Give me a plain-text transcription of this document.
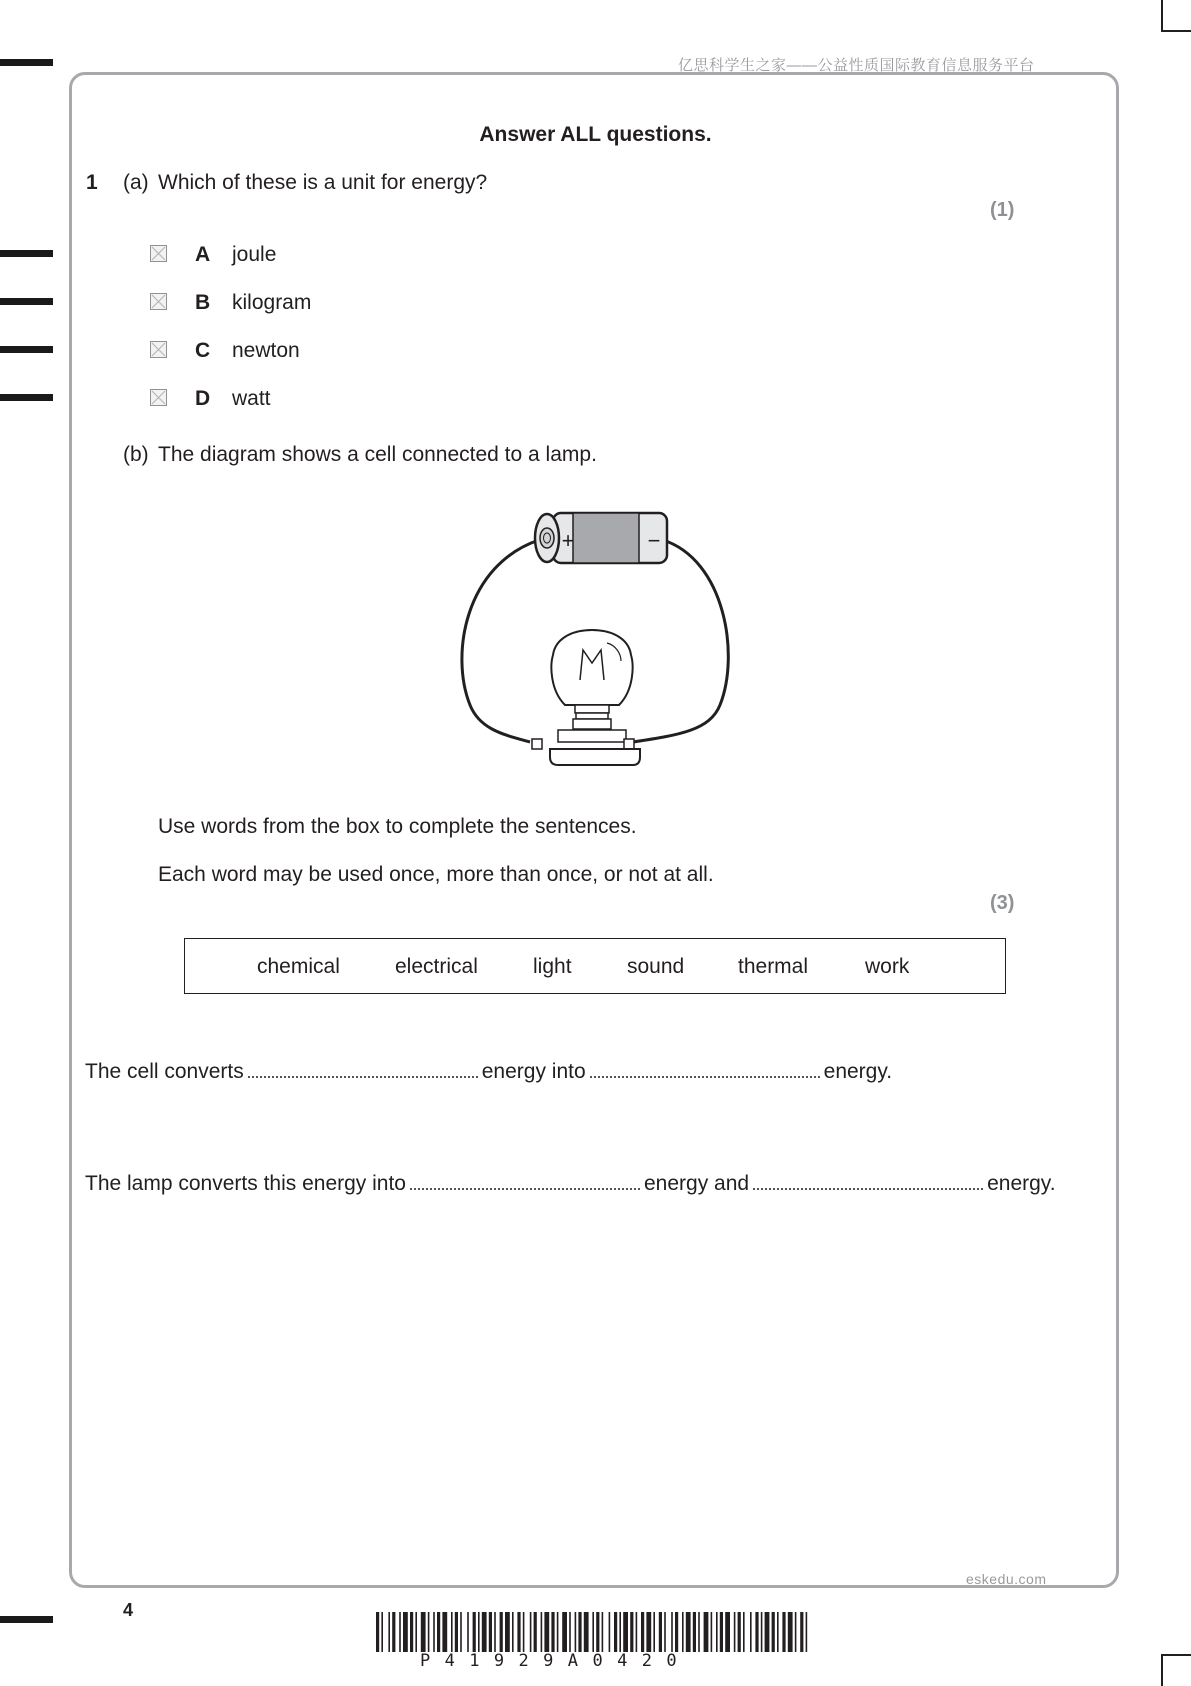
亿思科学生之家——公益性质国际教育信息服务平台
eskedu.com
Answer ALL questions.
1 (a) Which of these is a unit for energy?
(1)
A joule
B kilogram
C newton
D watt
(b) The diagram shows a cell connected to a lamp.
+	−
Use words from the box to complete the sentences.
Each word may be used once, more than once, or not at all.
(3)
chemical	electrical	light	sound	thermal	work
The cell converts	energy into	energy.
The lamp converts this energy into	energy and	energy.
4
P41929A0420
